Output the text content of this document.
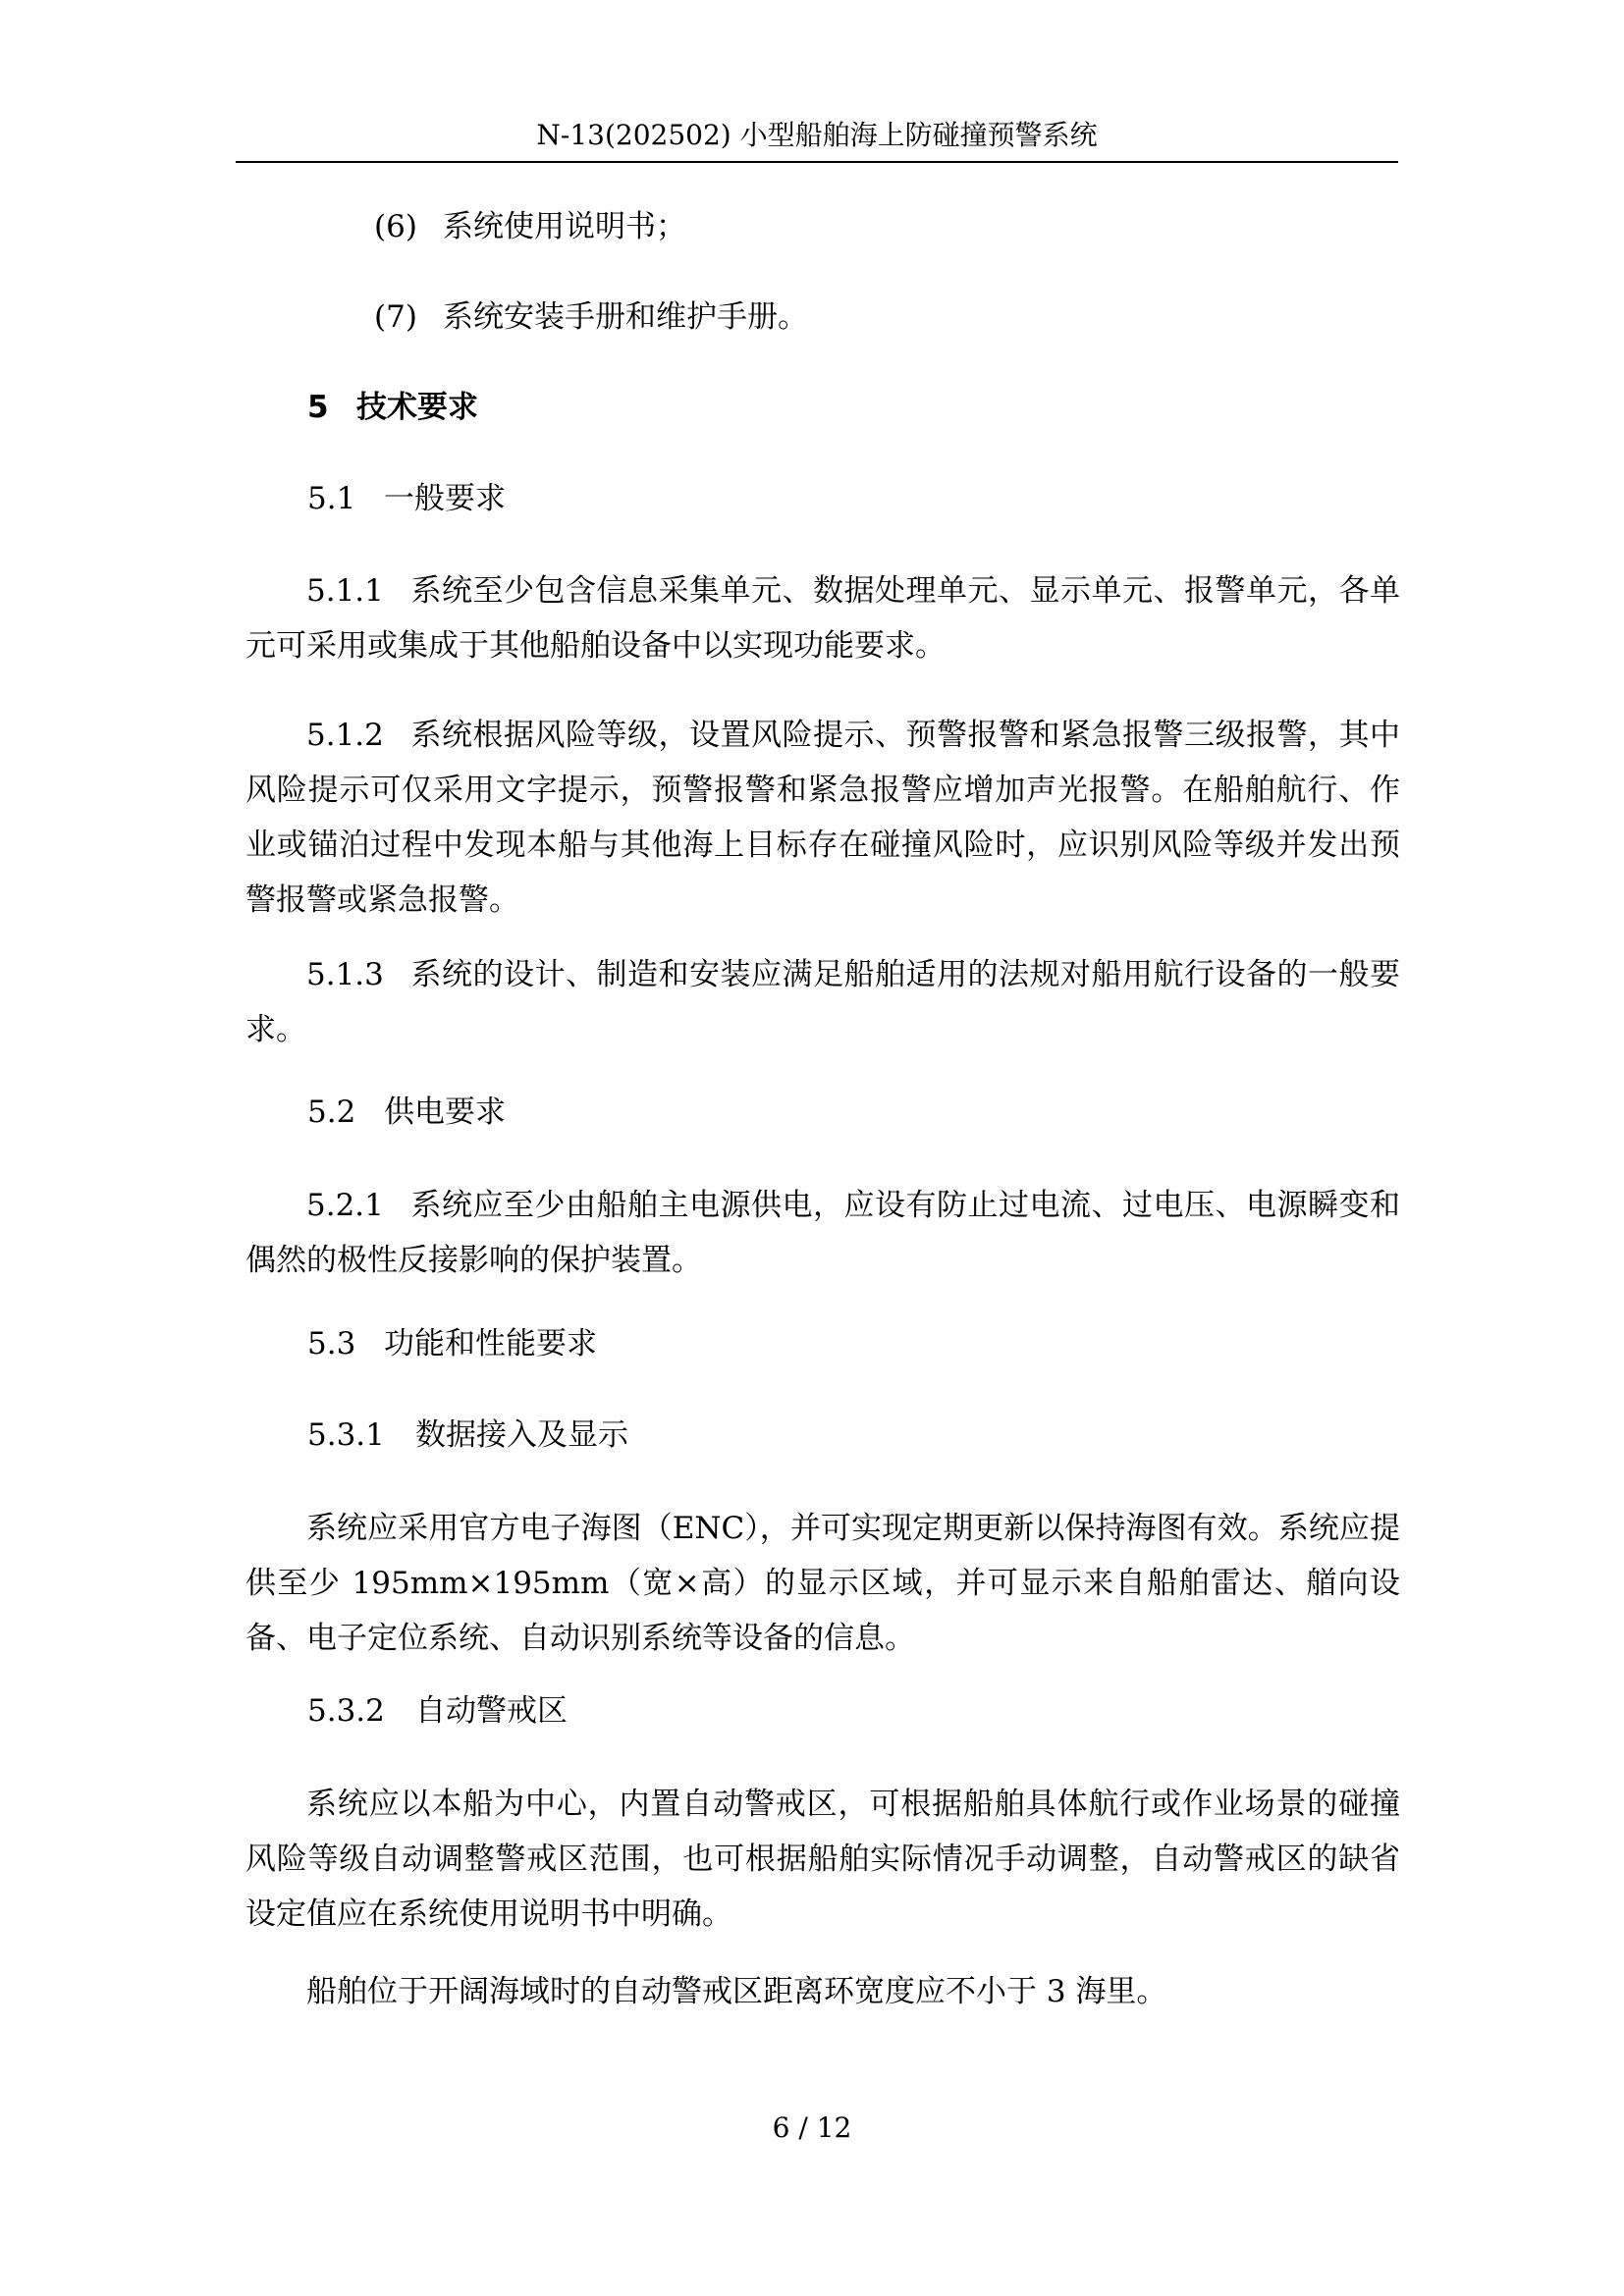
N-13(202502) 小型船舶海上防碰撞预警系统
(6) 系统使用说明书；
(7) 系统安装手册和维护手册。
5 技术要求
5.1 一般要求
5.1.1 系统至少包含信息采集单元、数据处理单元、显示单元、报警单元，各单元可采用或集成于其他船舶设备中以实现功能要求。
5.1.2 系统根据风险等级，设置风险提示、预警报警和紧急报警三级报警，其中风险提示可仅采用文字提示，预警报警和紧急报警应增加声光报警。在船舶航行、作业或锚泊过程中发现本船与其他海上目标存在碰撞风险时，应识别风险等级并发出预警报警或紧急报警。
5.1.3 系统的设计、制造和安装应满足船舶适用的法规对船用航行设备的一般要求。
5.2 供电要求
5.2.1 系统应至少由船舶主电源供电，应设有防止过电流、过电压、电源瞬变和偶然的极性反接影响的保护装置。
5.3 功能和性能要求
5.3.1 数据接入及显示
系统应采用官方电子海图（ENC），并可实现定期更新以保持海图有效。系统应提供至少 195mm×195mm（宽×高）的显示区域，并可显示来自船舶雷达、艏向设备、电子定位系统、自动识别系统等设备的信息。
5.3.2 自动警戒区
系统应以本船为中心，内置自动警戒区，可根据船舶具体航行或作业场景的碰撞风险等级自动调整警戒区范围，也可根据船舶实际情况手动调整，自动警戒区的缺省设定值应在系统使用说明书中明确。
船舶位于开阔海域时的自动警戒区距离环宽度应不小于 3 海里。
6 / 12
